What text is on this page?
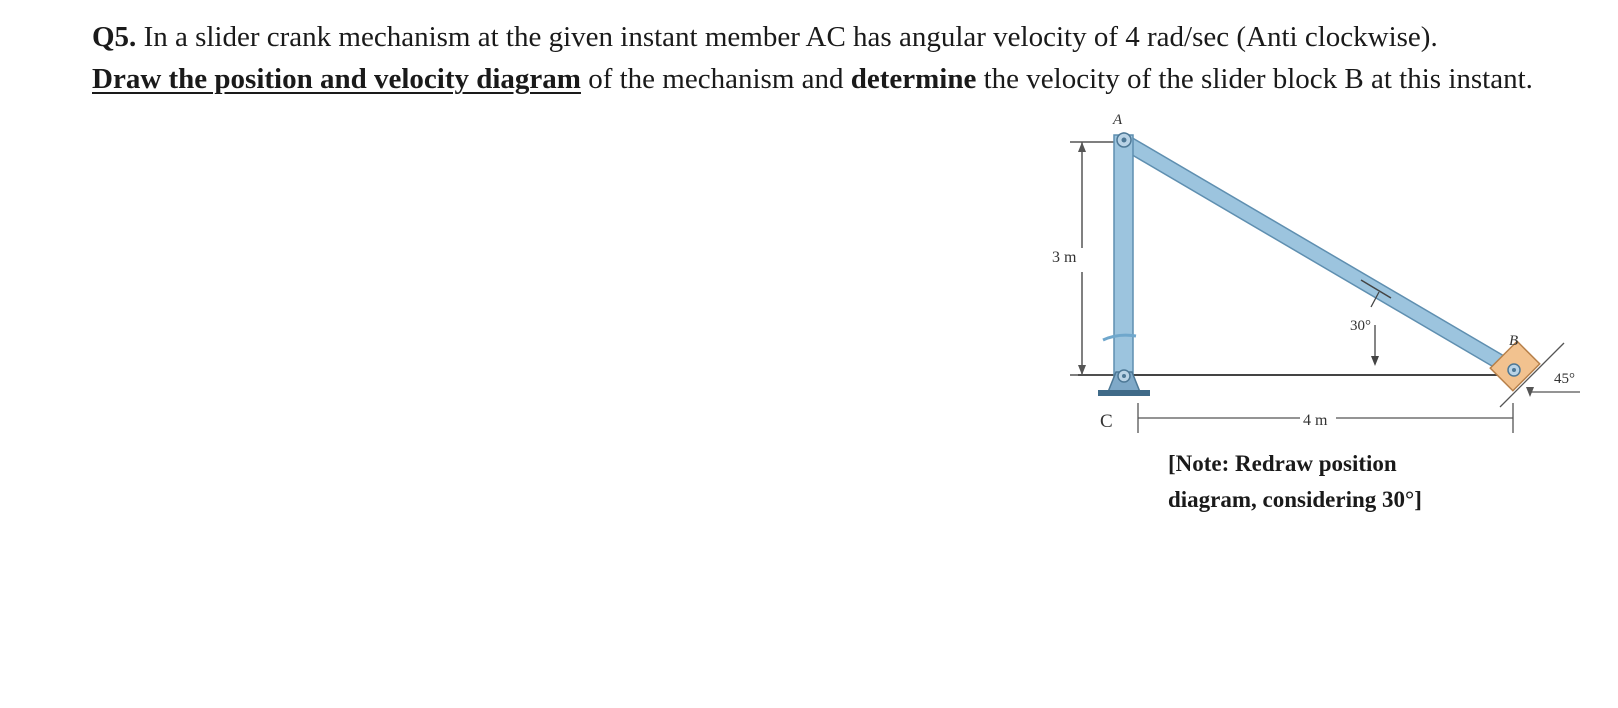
Q5. In a slider crank mechanism at the given instant member AC has angular velocity of 4 rad/sec (Anti clockwise).
Draw the position and velocity diagram of the mechanism and determine the velocity of the slider block B at this instant.
3 m
A
C
30°
B
45°
4 m
[Note: Redraw position diagram, considering 30°]
